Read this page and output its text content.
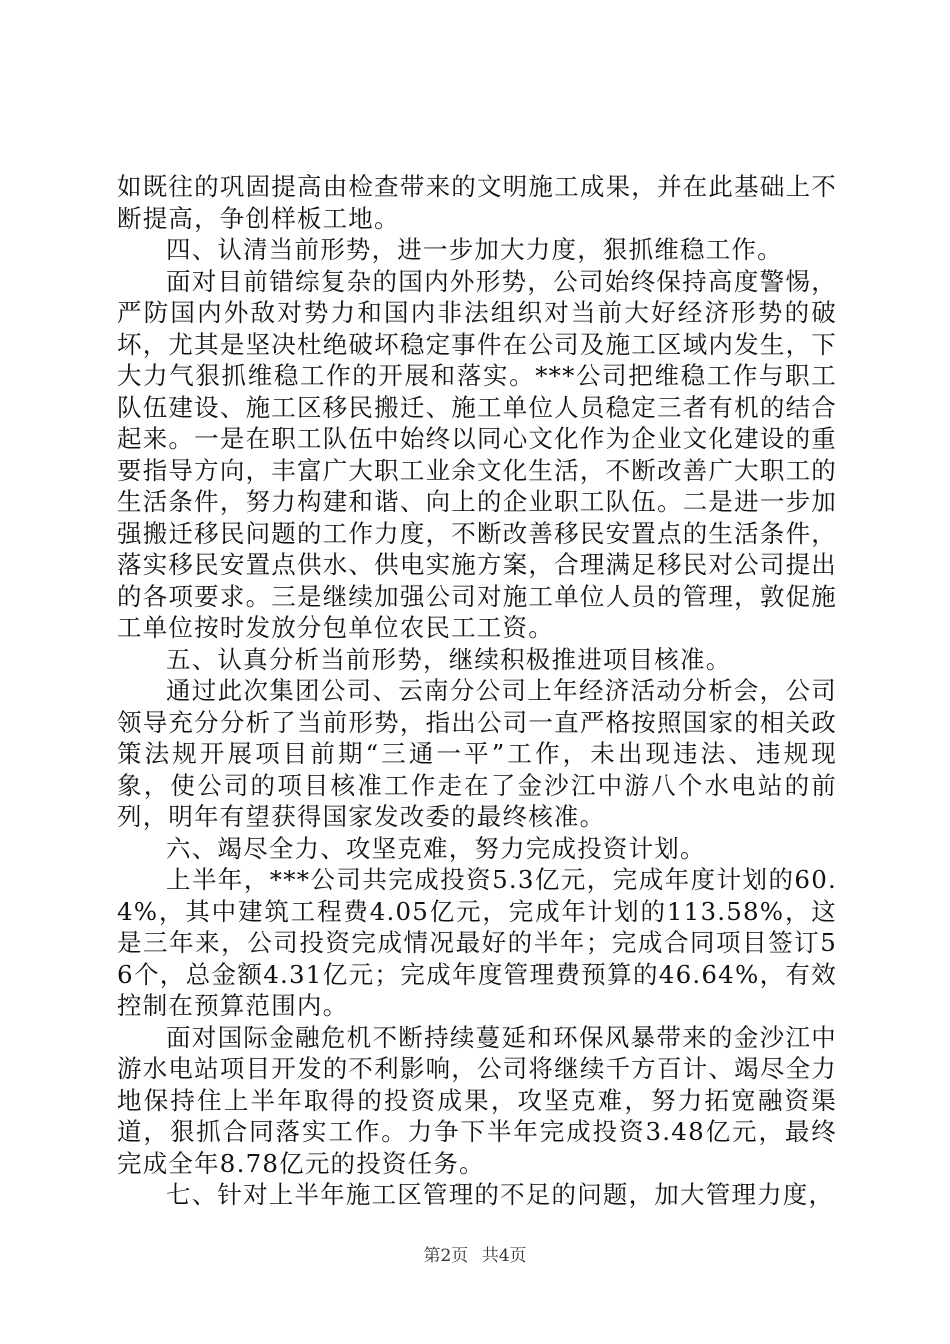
如既往的巩固提高由检查带来的文明施工成果，并在此基础上不断提高，争创样板工地。

四、认清当前形势，进一步加大力度，狠抓维稳工作。

面对目前错综复杂的国内外形势，公司始终保持高度警惕，严防国内外敌对势力和国内非法组织对当前大好经济形势的破坏，尤其是坚决杜绝破坏稳定事件在公司及施工区域内发生，下大力气狠抓维稳工作的开展和落实。***公司把维稳工作与职工队伍建设、施工区移民搬迁、施工单位人员稳定三者有机的结合起来。一是在职工队伍中始终以同心文化作为企业文化建设的重要指导方向，丰富广大职工业余文化生活，不断改善广大职工的生活条件，努力构建和谐、向上的企业职工队伍。二是进一步加强搬迁移民问题的工作力度，不断改善移民安置点的生活条件，落实移民安置点供水、供电实施方案，合理满足移民对公司提出的各项要求。三是继续加强公司对施工单位人员的管理，敦促施工单位按时发放分包单位农民工工资。

五、认真分析当前形势，继续积极推进项目核准。

通过此次集团公司、云南分公司上年经济活动分析会，公司领导充分分析了当前形势，指出公司一直严格按照国家的相关政策法规开展项目前期“三通一平”工作，未出现违法、违规现象，使公司的项目核准工作走在了金沙江中游八个水电站的前列，明年有望获得国家发改委的最终核准。

六、竭尽全力、攻坚克难，努力完成投资计划。

上半年，***公司共完成投资5.3亿元，完成年度计划的60.4%，其中建筑工程费4.05亿元，完成年计划的113.58%，这是三年来，公司投资完成情况最好的半年；完成合同项目签订56个，总金额4.31亿元；完成年度管理费预算的46.64%，有效控制在预算范围内。

面对国际金融危机不断持续蔓延和环保风暴带来的金沙江中游水电站项目开发的不利影响，公司将继续千方百计、竭尽全力地保持住上半年取得的投资成果，攻坚克难，努力拓宽融资渠道，狠抓合同落实工作。力争下半年完成投资3.48亿元，最终完成全年8.78亿元的投资任务。

七、针对上半年施工区管理的不足的问题，加大管理力度，

第2页 共4页
